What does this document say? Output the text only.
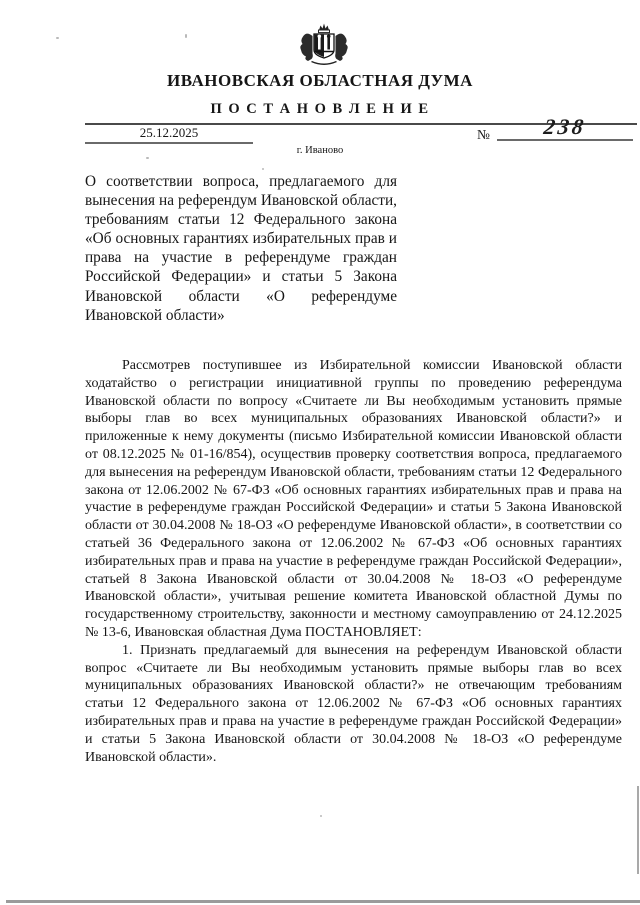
ИВАНОВСКАЯ ОБЛАСТНАЯ ДУМА
П О С Т А Н О В Л Е Н И Е
25.12.2025	№	238
г. Иваново
О соответствии вопроса, предлагаемого для вынесения на референдум Ивановской области, требованиям статьи 12 Федерального закона «Об основных гарантиях избирательных прав и права на участие в референдуме граждан Российской Федерации» и статьи 5 Закона Ивановской области «О референдуме Ивановской области»

Рассмотрев поступившее из Избирательной комиссии Ивановской области ходатайство о регистрации инициативной группы по проведению референдума Ивановской области по вопросу «Считаете ли Вы необходимым установить прямые выборы глав во всех муниципальных образованиях Ивановской области?» и приложенные к нему документы (письмо Избирательной комиссии Ивановской области от 08.12.2025 № 01-16/854), осуществив проверку соответствия вопроса, предлагаемого для вынесения на референдум Ивановской области, требованиям статьи 12 Федерального закона от 12.06.2002 № 67-ФЗ «Об основных гарантиях избирательных прав и права на участие в референдуме граждан Российской Федерации» и статьи 5 Закона Ивановской области от 30.04.2008 № 18-ОЗ «О референдуме Ивановской области», в соответствии со статьей 36 Федерального закона от 12.06.2002 № 67-ФЗ «Об основных гарантиях избирательных прав и права на участие в референдуме граждан Российской Федерации», статьей 8 Закона Ивановской области от 30.04.2008 № 18-ОЗ «О референдуме Ивановской области», учитывая решение комитета Ивановской областной Думы по государственному строительству, законности и местному самоуправлению от 24.12.2025 № 13-6, Ивановская областная Дума ПОСТАНОВЛЯЕТ:

1. Признать предлагаемый для вынесения на референдум Ивановской области вопрос «Считаете ли Вы необходимым установить прямые выборы глав во всех муниципальных образованиях Ивановской области?» не отвечающим требованиям статьи 12 Федерального закона от 12.06.2002 № 67-ФЗ «Об основных гарантиях избирательных прав и права на участие в референдуме граждан Российской Федерации» и статьи 5 Закона Ивановской области от 30.04.2008 № 18-ОЗ «О референдуме Ивановской области».
